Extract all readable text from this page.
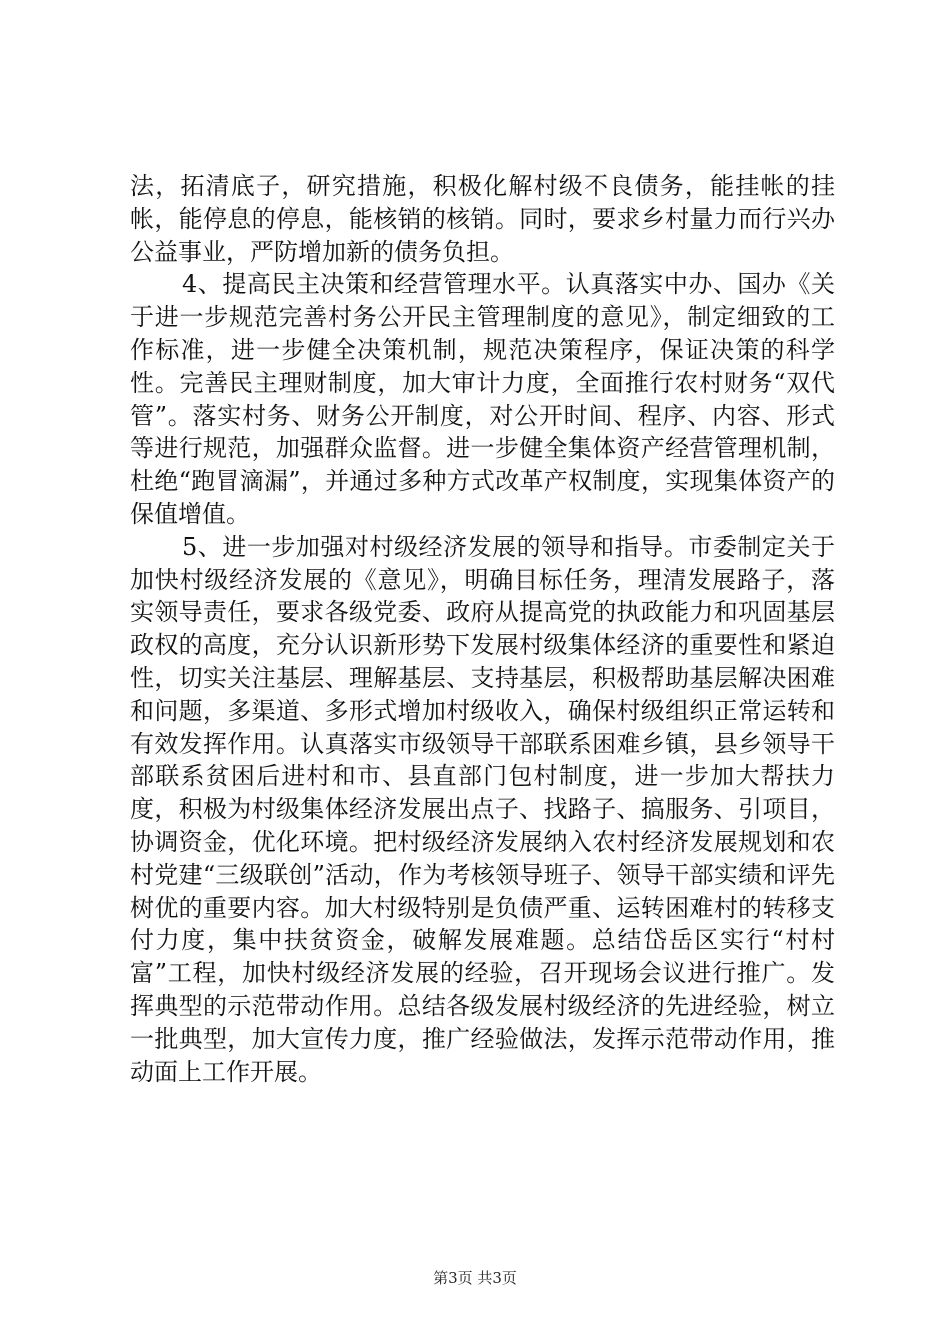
法，拓清底子，研究措施，积极化解村级不良债务，能挂帐的挂帐，能停息的停息，能核销的核销。同时，要求乡村量力而行兴办公益事业，严防增加新的债务负担。

4、提高民主决策和经营管理水平。认真落实中办、国办《关于进一步规范完善村务公开民主管理制度的意见》，制定细致的工作标准，进一步健全决策机制，规范决策程序，保证决策的科学性。完善民主理财制度，加大审计力度，全面推行农村财务“双代管”。落实村务、财务公开制度，对公开时间、程序、内容、形式等进行规范，加强群众监督。进一步健全集体资产经营管理机制，杜绝“跑冒滴漏”，并通过多种方式改革产权制度，实现集体资产的保值增值。

5、进一步加强对村级经济发展的领导和指导。市委制定关于加快村级经济发展的《意见》，明确目标任务，理清发展路子，落实领导责任，要求各级党委、政府从提高党的执政能力和巩固基层政权的高度，充分认识新形势下发展村级集体经济的重要性和紧迫性，切实关注基层、理解基层、支持基层，积极帮助基层解决困难和问题，多渠道、多形式增加村级收入，确保村级组织正常运转和有效发挥作用。认真落实市级领导干部联系困难乡镇，县乡领导干部联系贫困后进村和市、县直部门包村制度，进一步加大帮扶力度，积极为村级集体经济发展出点子、找路子、搞服务、引项目，协调资金，优化环境。把村级经济发展纳入农村经济发展规划和农村党建“三级联创”活动，作为考核领导班子、领导干部实绩和评先树优的重要内容。加大村级特别是负债严重、运转困难村的转移支付力度，集中扶贫资金，破解发展难题。总结岱岳区实行“村村富”工程，加快村级经济发展的经验，召开现场会议进行推广。发挥典型的示范带动作用。总结各级发展村级经济的先进经验，树立一批典型，加大宣传力度，推广经验做法，发挥示范带动作用，推动面上工作开展。

第3页 共3页
